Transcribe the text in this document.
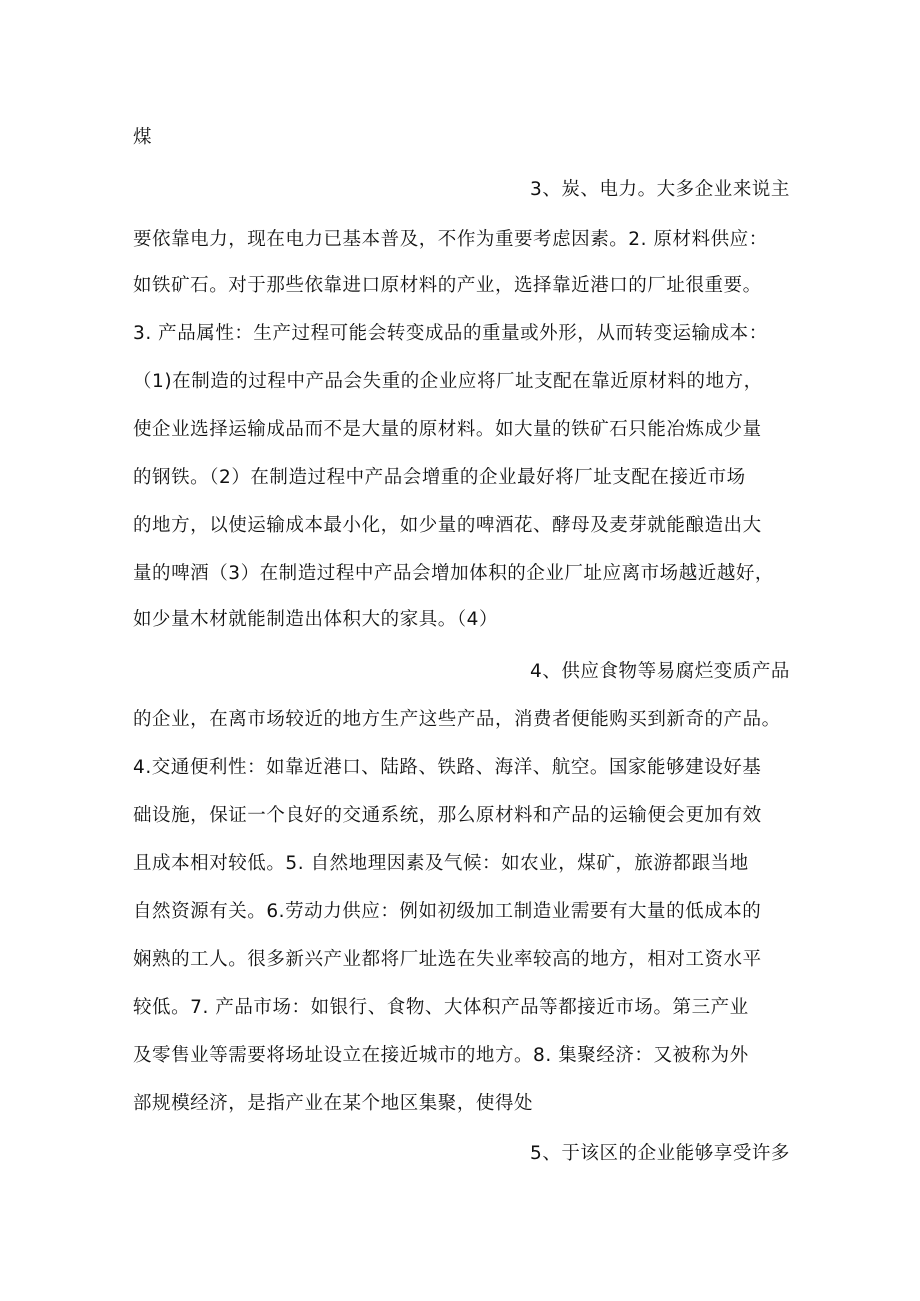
煤
3、炭、电力。大多企业来说主
要依靠电力，现在电力已基本普及，不作为重要考虑因素。2. 原材料供应：
如铁矿石。对于那些依靠进口原材料的产业，选择靠近港口的厂址很重要。
3. 产品属性：生产过程可能会转变成品的重量或外形，从而转变运输成本：
（1)在制造的过程中产品会失重的企业应将厂址支配在靠近原材料的地方，
使企业选择运输成品而不是大量的原材料。如大量的铁矿石只能冶炼成少量
的钢铁。（2）在制造过程中产品会增重的企业最好将厂址支配在接近市场
的地方，以使运输成本最小化，如少量的啤酒花、酵母及麦芽就能酿造出大
量的啤酒（3）在制造过程中产品会增加体积的企业厂址应离市场越近越好，
如少量木材就能制造出体积大的家具。（4）
4、供应食物等易腐烂变质产品
的企业，在离市场较近的地方生产这些产品，消费者便能购买到新奇的产品。
4.交通便利性：如靠近港口、陆路、铁路、海洋、航空。国家能够建设好基
础设施，保证一个良好的交通系统，那么原材料和产品的运输便会更加有效
且成本相对较低。5. 自然地理因素及气候：如农业，煤矿，旅游都跟当地
自然资源有关。6.劳动力供应：例如初级加工制造业需要有大量的低成本的
娴熟的工人。很多新兴产业都将厂址选在失业率较高的地方，相对工资水平
较低。7. 产品市场：如银行、食物、大体积产品等都接近市场。第三产业
及零售业等需要将场址设立在接近城市的地方。8. 集聚经济：又被称为外
部规模经济，是指产业在某个地区集聚，使得处
5、于该区的企业能够享受许多
